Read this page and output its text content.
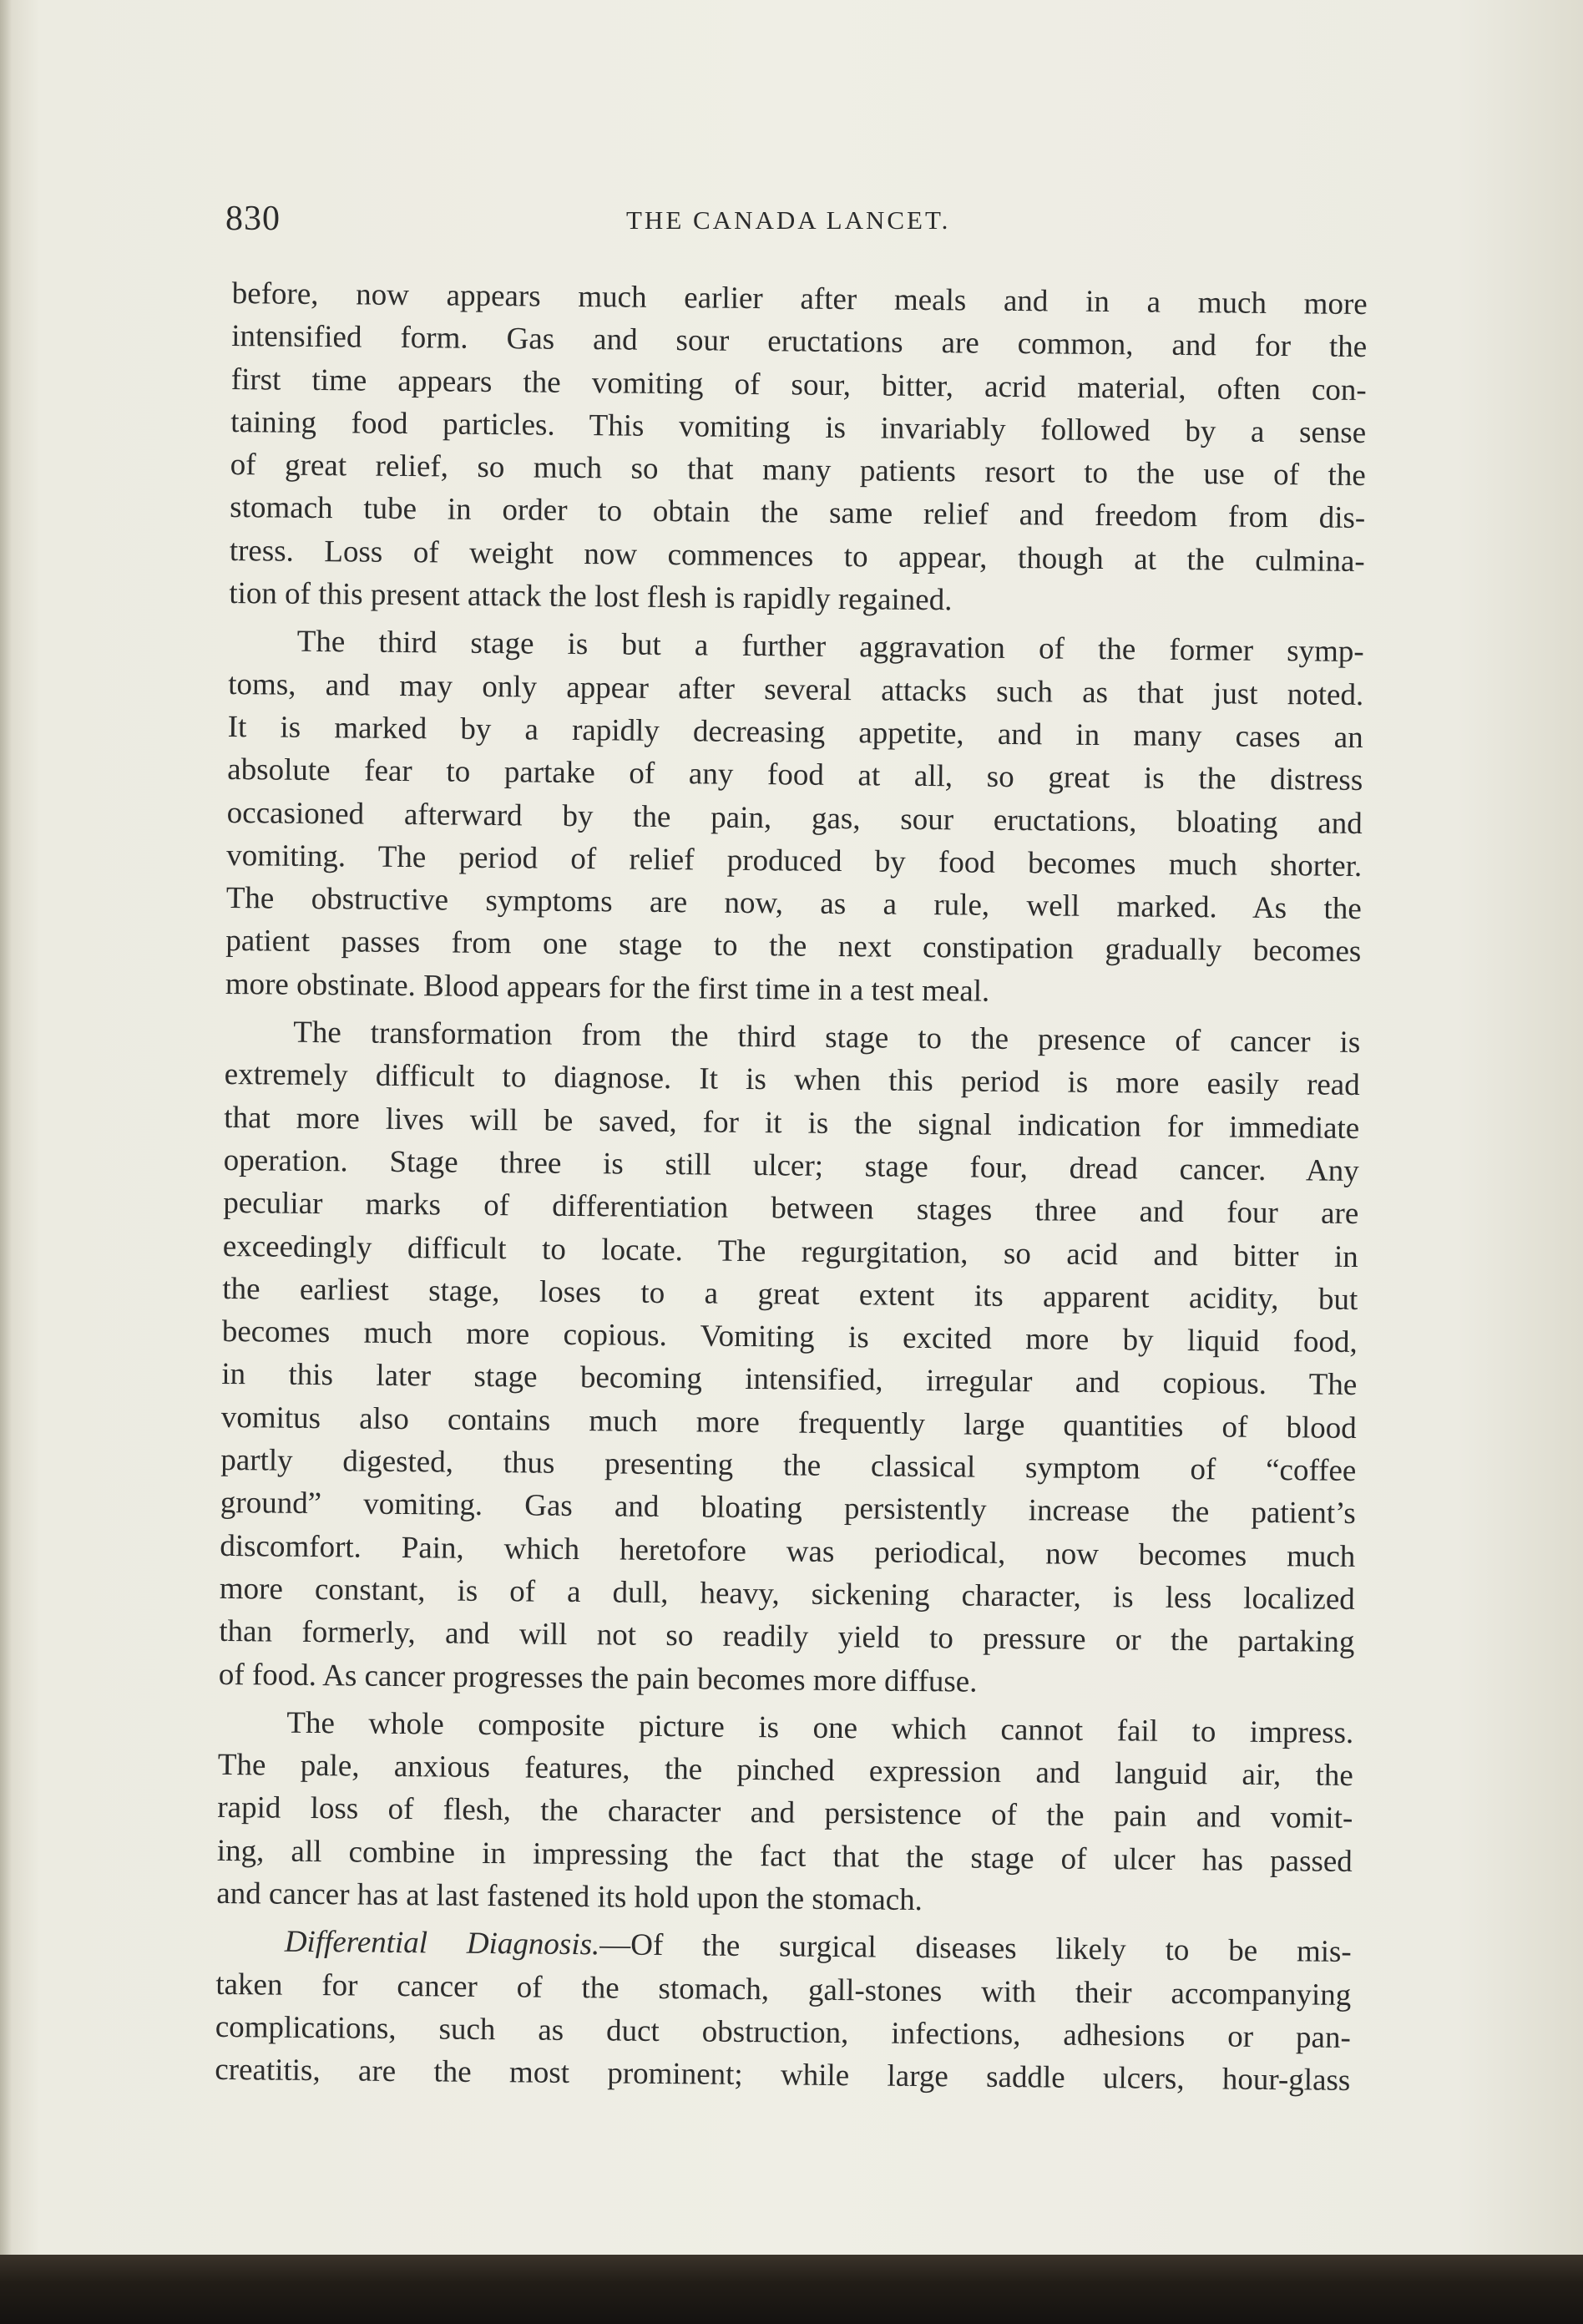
830	THE CANADA LANCET.
before, now appears much earlier after meals and in a much more
intensified form. Gas and sour eructations are common, and for the
first time appears the vomiting of sour, bitter, acrid material, often con-
taining food particles. This vomiting is invariably followed by a sense
of great relief, so much so that many patients resort to the use of the
stomach tube in order to obtain the same relief and freedom from dis-
tress. Loss of weight now commences to appear, though at the culmina-
tion of this present attack the lost flesh is rapidly regained.
The third stage is but a further aggravation of the former symp-
toms, and may only appear after several attacks such as that just noted.
It is marked by a rapidly decreasing appetite, and in many cases an
absolute fear to partake of any food at all, so great is the distress
occasioned afterward by the pain, gas, sour eructations, bloating and
vomiting. The period of relief produced by food becomes much shorter.
The obstructive symptoms are now, as a rule, well marked. As the
patient passes from one stage to the next constipation gradually becomes
more obstinate. Blood appears for the first time in a test meal.
The transformation from the third stage to the presence of cancer is
extremely difficult to diagnose. It is when this period is more easily read
that more lives will be saved, for it is the signal indication for immediate
operation. Stage three is still ulcer; stage four, dread cancer. Any
peculiar marks of differentiation between stages three and four are
exceedingly difficult to locate. The regurgitation, so acid and bitter in
the earliest stage, loses to a great extent its apparent acidity, but
becomes much more copious. Vomiting is excited more by liquid food,
in this later stage becoming intensified, irregular and copious. The
vomitus also contains much more frequently large quantities of blood
partly digested, thus presenting the classical symptom of “coffee
ground” vomiting. Gas and bloating persistently increase the patient’s
discomfort. Pain, which heretofore was periodical, now becomes much
more constant, is of a dull, heavy, sickening character, is less localized
than formerly, and will not so readily yield to pressure or the partaking
of food. As cancer progresses the pain becomes more diffuse.
The whole composite picture is one which cannot fail to impress.
The pale, anxious features, the pinched expression and languid air, the
rapid loss of flesh, the character and persistence of the pain and vomit-
ing, all combine in impressing the fact that the stage of ulcer has passed
and cancer has at last fastened its hold upon the stomach.
Differential Diagnosis.—Of the surgical diseases likely to be mis-
taken for cancer of the stomach, gall-stones with their accompanying
complications, such as duct obstruction, infections, adhesions or pan-
creatitis, are the most prominent; while large saddle ulcers, hour-glass
